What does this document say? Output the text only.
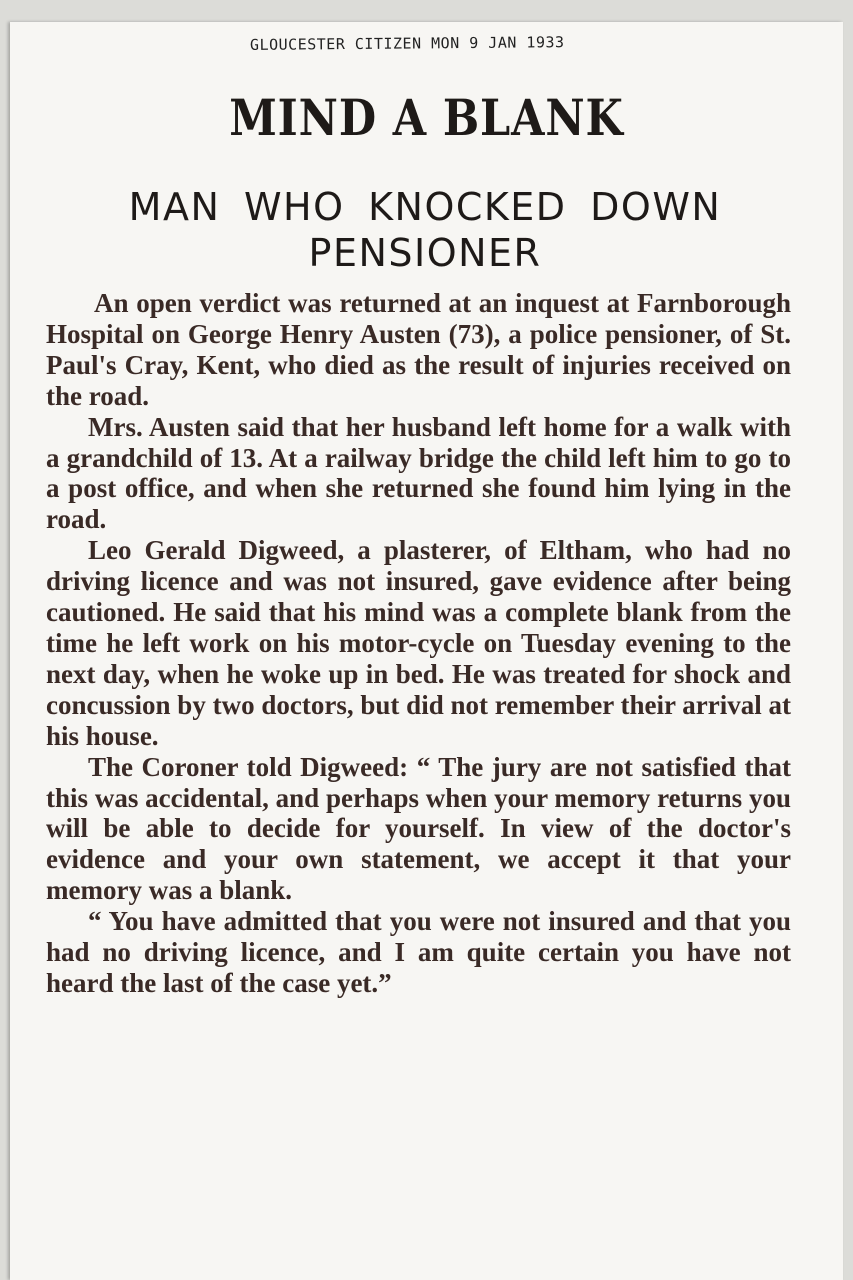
GLOUCESTER CITIZEN MON 9 JAN 1933
MIND A BLANK
MAN WHO KNOCKED DOWN PENSIONER

An open verdict was returned at an inquest at Farnborough Hospital on George Henry Austen (73), a police pensioner, of St. Paul's Cray, Kent, who died as the result of injuries received on the road.

Mrs. Austen said that her husband left home for a walk with a grandchild of 13. At a railway bridge the child left him to go to a post office, and when she returned she found him lying in the road.

Leo Gerald Digweed, a plasterer, of Eltham, who had no driving licence and was not insured, gave evidence after being cautioned. He said that his mind was a complete blank from the time he left work on his motor-cycle on Tuesday evening to the next day, when he woke up in bed. He was treated for shock and concussion by two doctors, but did not remember their arrival at his house.

The Coroner told Digweed: “ The jury are not satisfied that this was accidental, and perhaps when your memory returns you will be able to decide for yourself. In view of the doctor's evidence and your own statement, we accept it that your memory was a blank.

“ You have admitted that you were not insured and that you had no driving licence, and I am quite certain you have not heard the last of the case yet.”
